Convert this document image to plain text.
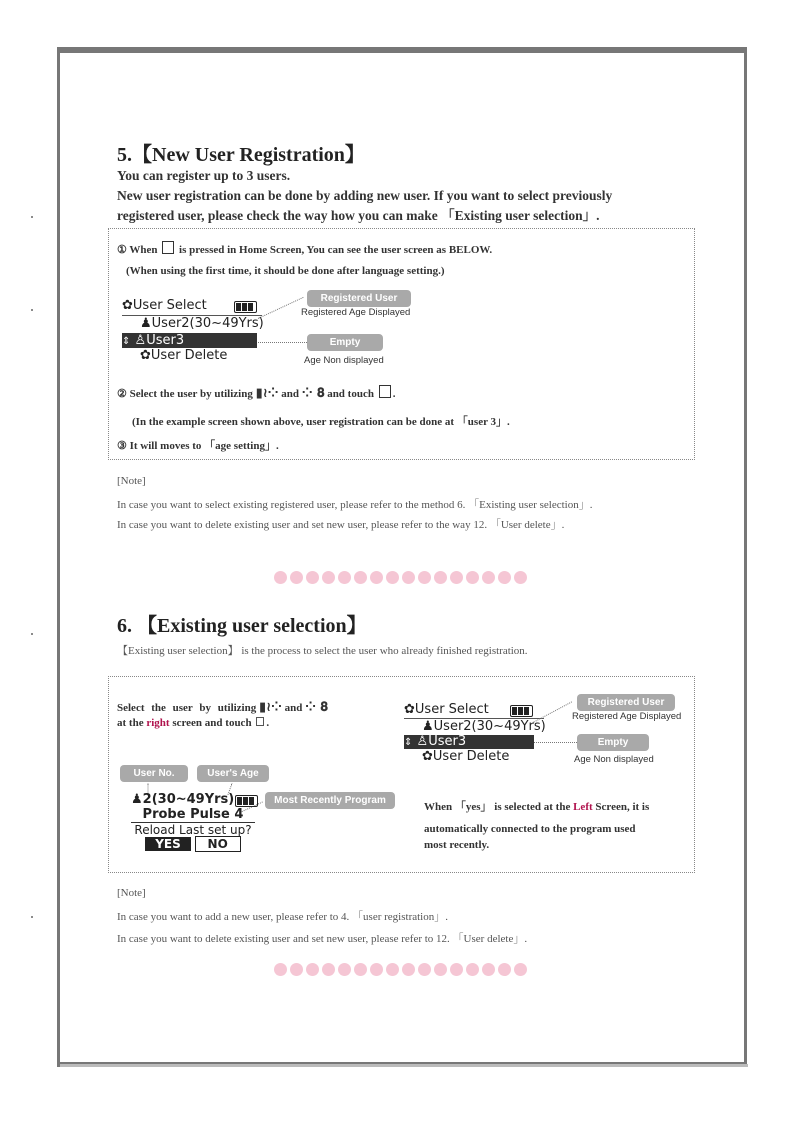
5.【New User Registration】
You can register up to 3 users.
New user registration can be done by adding new user. If you want to select previously
registered user, please check the way how you can make 「Existing user selection」.
① When is pressed in Home Screen, You can see the user screen as BELOW.
(When using the first time, it should be done after language setting.)
✿User Select
♟User2(30~49Yrs)
⇕ ♙User3
✿User Delete
Registered User
Registered Age Displayed
Empty
Age Non displayed
② Select the user by utilizing ▮≀⁘ and ⁘ 𝟖 and touch .
(In the example screen shown above, user registration can be done at 「user 3」.
③ It will moves to 「age setting」.
[Note]
In case you want to select existing registered user, please refer to the method 6. 「Existing user selection」.
In case you want to delete existing user and set new user, please refer to the way 12. 「User delete」.
6. 【Existing user selection】
【Existing user selection】 is the process to select the user who already finished registration.
Select the user by utilizing ▮≀⁘ and ⁘ 𝟖
at the right screen and touch .
✿User Select
♟User2(30~49Yrs)
⇕ ♙User3
✿User Delete
Registered User
Registered Age Displayed
Empty
Age Non displayed
User No.	User's Age
Most Recently Program
♟2(30~49Yrs)
Probe Pulse 4
Reload Last set up?
YES NO
When 「yes」 is selected at the Left Screen, it is
automatically connected to the program used
most recently.
[Note]
In case you want to add a new user, please refer to 4. 「user registration」.
In case you want to delete existing user and set new user, please refer to 12. 「User delete」.
